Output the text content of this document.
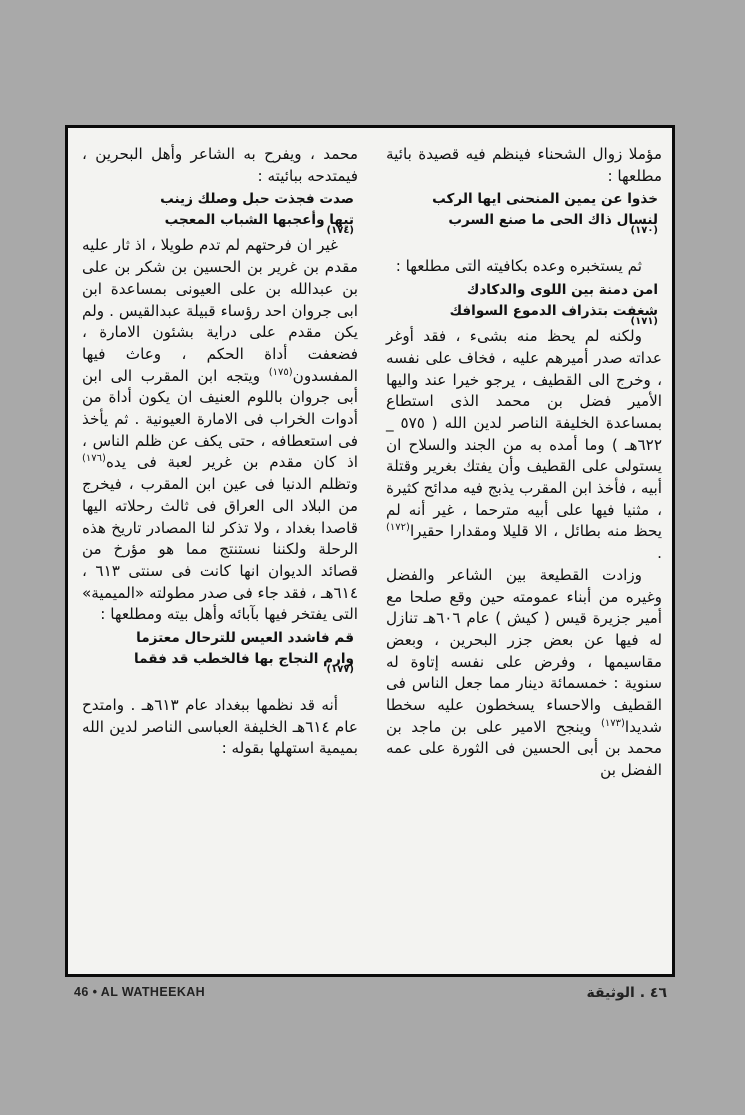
مؤملا زوال الشحناء فينظم فيه قصيدة بائية مطلعها :

خذوا عن يمين المنحنى ايها الركب
لنسال ذاك الحى ما صنع السرب
(١٧٠)

ثم يستخبره وعده بكافيته التى مطلعها :

امن دمنة بين اللوى والدكادك
شغفت بتذراف الدموع السوافك
(١٧١)

ولكنه لم يحظ منه بشىء ، فقد أوغر عداته صدر أميرهم عليه ، فخاف على نفسه ، وخرج الى القطيف ، يرجو خيرا عند واليها الأمير فضل بن محمد الذى استطاع بمساعدة الخليفة الناصر لدين الله ( ٥٧٥ _ ٦٢٢هـ ) وما أمده به من الجند والسلاح ان يستولى على القطيف وأن يفتك بغرير وقتلة أبيه ، فأخذ ابن المقرب يذبج فيه مدائح كثيرة ، مثنيا فيها على أبيه مترحما ، غير أنه لم يحظ منه بطائل ، الا قليلا ومقدارا حقيرا$^{(١٧٢)}$ .

وزادت القطيعة بين الشاعر والفضل وغيره من أبناء عمومته حين وقع صلحا مع أمير جزيرة قيس ( كيش ) عام ٦٠٦هـ تنازل له فيها عن بعض جزر البحرين ، وبعض مقاسيمها ، وفرض على نفسه إتاوة له سنوية : خمسمائة دينار مما جعل الناس فى القطيف والاحساء يسخطون عليه سخطا شديدا$^{(١٧٣)}$ وينجح الامير على بن ماجد بن محمد بن أبى الحسين فى الثورة على عمه الفضل بن

محمد ، ويفرح به الشاعر وأهل البحرين ، فيمتدحه ببائيته :

صدت فجذت حبل وصلك زينب
تيها وأعجبها الشباب المعجب
(١٧٤)

غير ان فرحتهم لم تدم طويلا ، اذ ثار عليه مقدم بن غرير بن الحسين بن شكر بن على بن عبدالله بن على العيونى بمساعدة ابن ابى جروان احد رؤساء قبيلة عبدالقيس . ولم يكن مقدم على دراية بشئون الامارة ، فضعفت أداة الحكم ، وعاث فيها المفسدون$^{(١٧٥)}$ ويتجه ابن المقرب الى ابن أبى جروان باللوم العنيف ان يكون أداة من أدوات الخراب فى الامارة العيونية . ثم يأخذ فى استعطافه ، حتى يكف عن ظلم الناس ، اذ كان مقدم بن غرير لعبة فى يده$^{(١٧٦)}$ وتظلم الدنيا فى عين ابن المقرب ، فيخرج من البلاد الى العراق فى ثالث رحلاته اليها قاصدا بغداد ، ولا تذكر لنا المصادر تاريخ هذه الرحلة ولكننا نستنتج مما هو مؤرخ من قصائد الديوان انها كانت فى سنتى ٦١٣ ، ٦١٤هـ ، فقد جاء فى صدر مطولته «الميمية» التى يفتخر فيها بآبائه وأهل بيته ومطلعها :

قم فاشدد العيس للترحال معتزما
وارم النجاج بها فالخطب قد فقما
(١٧٧)

أنه قد نظمها ببغداد عام ٦١٣هـ . وامتدح عام ٦١٤هـ الخليفة العباسى الناصر لدين الله بميمية استهلها بقوله :

46 • AL WATHEEKAH	٤٦ . الوثيقة
